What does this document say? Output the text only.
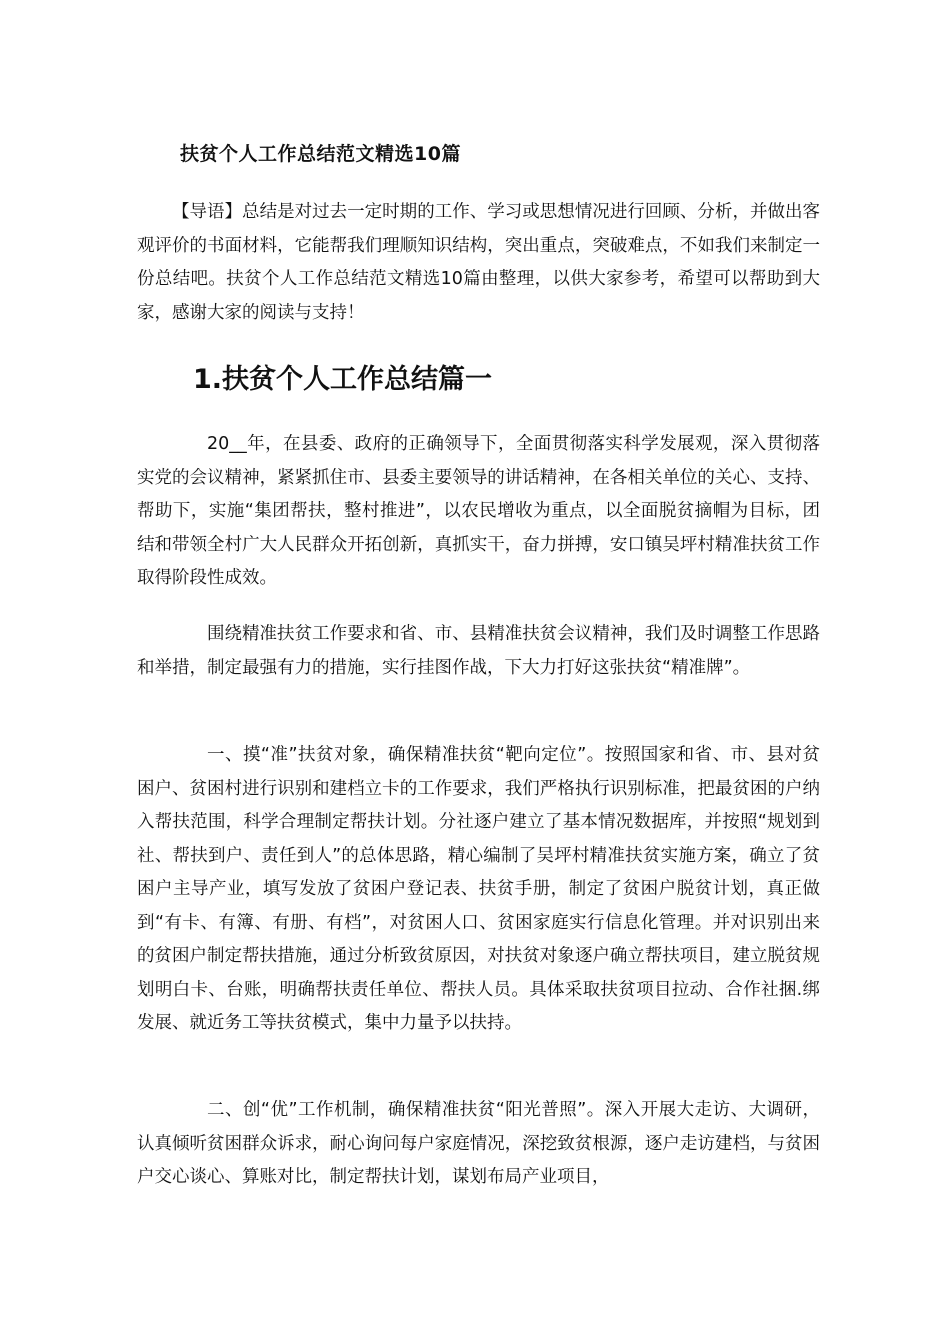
扶贫个人工作总结范文精选10篇

【导语】总结是对过去一定时期的工作、学习或思想情况进行回顾、分析，并做出客观评价的书面材料，它能帮我们理顺知识结构，突出重点，突破难点，不如我们来制定一份总结吧。扶贫个人工作总结范文精选10篇由整理，以供大家参考，希望可以帮助到大家，感谢大家的阅读与支持！

1.扶贫个人工作总结篇一

20__年，在县委、政府的正确领导下，全面贯彻落实科学发展观，深入贯彻落实党的会议精神，紧紧抓住市、县委主要领导的讲话精神，在各相关单位的关心、支持、帮助下，实施“集团帮扶，整村推进”，以农民增收为重点，以全面脱贫摘帽为目标，团结和带领全村广大人民群众开拓创新，真抓实干，奋力拼搏，安口镇吴坪村精准扶贫工作取得阶段性成效。

围绕精准扶贫工作要求和省、市、县精准扶贫会议精神，我们及时调整工作思路和举措，制定最强有力的措施，实行挂图作战，下大力打好这张扶贫“精准牌”。

一、摸“准”扶贫对象，确保精准扶贫“靶向定位”。按照国家和省、市、县对贫困户、贫困村进行识别和建档立卡的工作要求，我们严格执行识别标准，把最贫困的户纳入帮扶范围，科学合理制定帮扶计划。分社逐户建立了基本情况数据库，并按照“规划到社、帮扶到户、责任到人”的总体思路，精心编制了吴坪村精准扶贫实施方案，确立了贫困户主导产业，填写发放了贫困户登记表、扶贫手册，制定了贫困户脱贫计划，真正做到“有卡、有簿、有册、有档”，对贫困人口、贫困家庭实行信息化管理。并对识别出来的贫困户制定帮扶措施，通过分析致贫原因，对扶贫对象逐户确立帮扶项目，建立脱贫规划明白卡、台账，明确帮扶责任单位、帮扶人员。具体采取扶贫项目拉动、合作社捆.绑发展、就近务工等扶贫模式，集中力量予以扶持。

二、创“优”工作机制，确保精准扶贫“阳光普照”。深入开展大走访、大调研，认真倾听贫困群众诉求，耐心询问每户家庭情况，深挖致贫根源，逐户走访建档，与贫困户交心谈心、算账对比，制定帮扶计划，谋划布局产业项目，
